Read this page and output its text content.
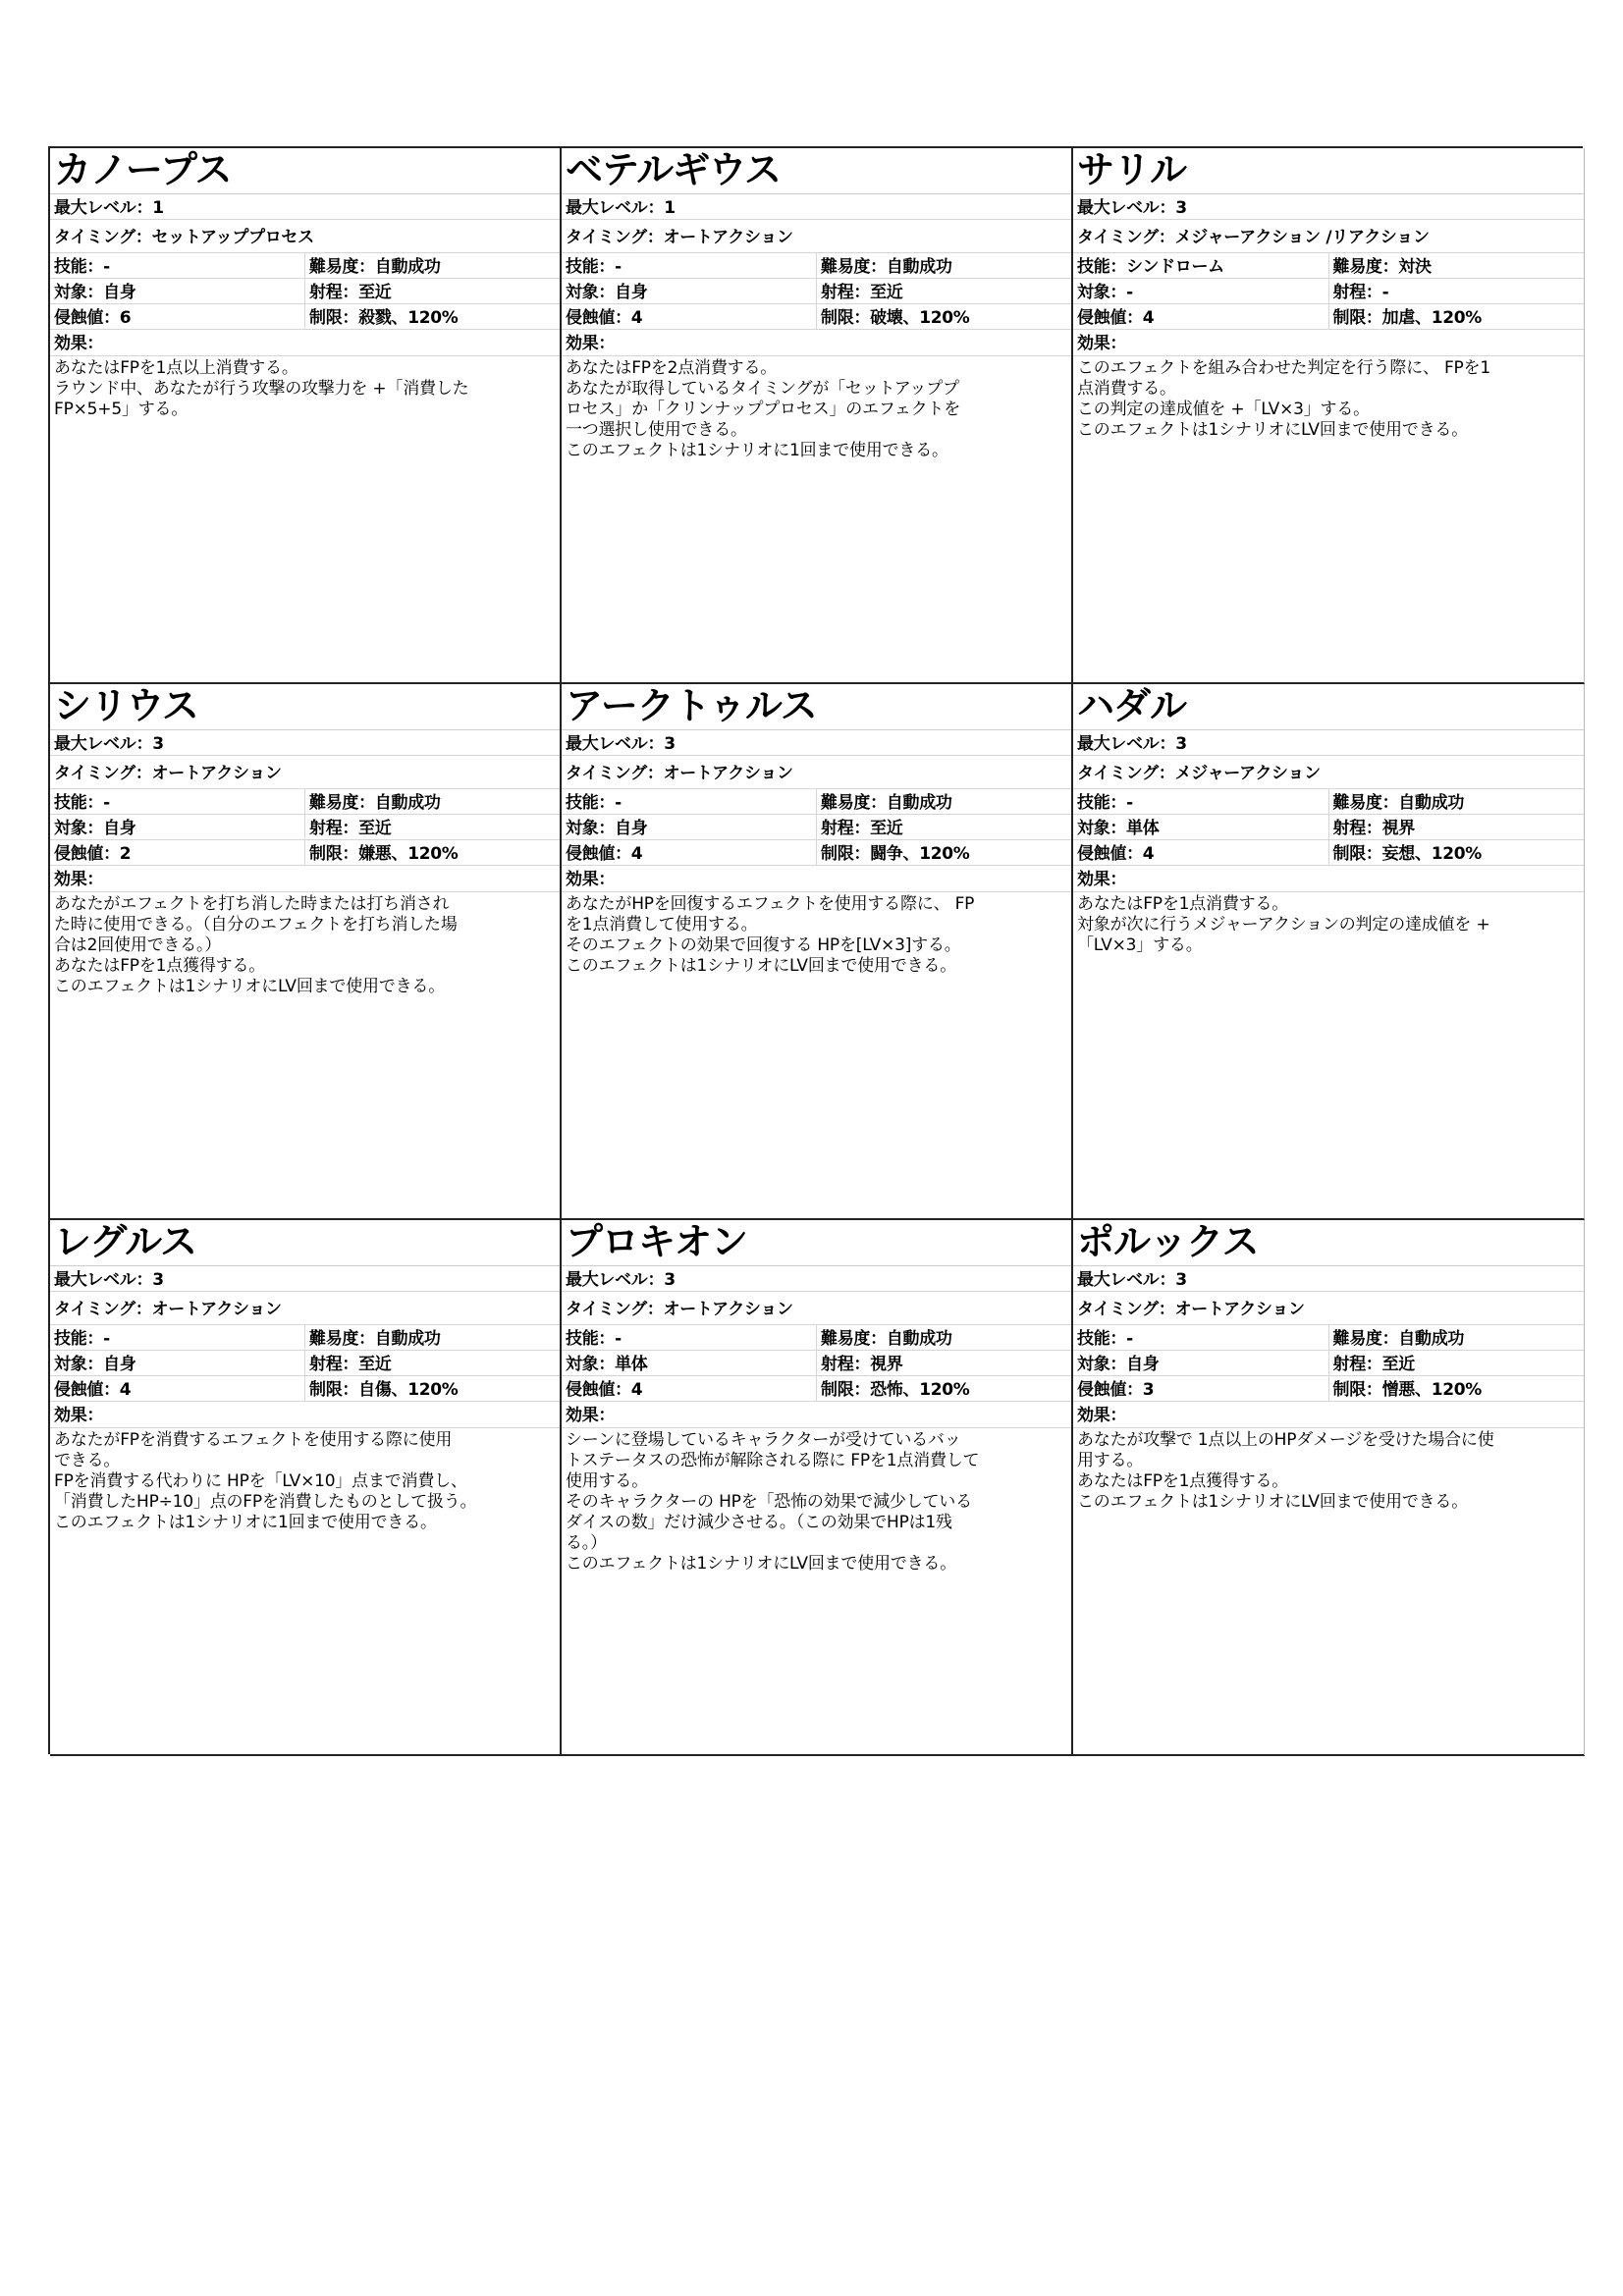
カノープス
最大レベル：1
タイミング：セットアッププロセス
技能：-	難易度：自動成功
対象：自身	射程：至近
侵蝕値：6	制限：殺戮、120%
効果：
あなたはFPを1点以上消費する。
ラウンド中、あなたが行う攻撃の攻撃力を +「消費した
FP×5+5」する。
ベテルギウス
最大レベル：1
タイミング：オートアクション
技能：-	難易度：自動成功
対象：自身	射程：至近
侵蝕値：4	制限：破壊、120%
効果：
あなたはFPを2点消費する。
あなたが取得しているタイミングが「セットアッププ
ロセス」か「クリンナッププロセス」のエフェクトを
一つ選択し使用できる。
このエフェクトは1シナリオに1回まで使用できる。
サリル
最大レベル：3
タイミング：メジャーアクション /リアクション
技能：シンドローム	難易度：対決
対象：-	射程：-
侵蝕値：4	制限：加虐、120%
効果：
このエフェクトを組み合わせた判定を行う際に、 FPを1
点消費する。
この判定の達成値を +「LV×3」する。
このエフェクトは1シナリオにLV回まで使用できる。
シリウス
最大レベル：3
タイミング：オートアクション
技能：-	難易度：自動成功
対象：自身	射程：至近
侵蝕値：2	制限：嫌悪、120%
効果：
あなたがエフェクトを打ち消した時または打ち消され
た時に使用できる。（自分のエフェクトを打ち消した場
合は2回使用できる。）
あなたはFPを1点獲得する。
このエフェクトは1シナリオにLV回まで使用できる。
アークトゥルス
最大レベル：3
タイミング：オートアクション
技能：-	難易度：自動成功
対象：自身	射程：至近
侵蝕値：4	制限：闘争、120%
効果：
あなたがHPを回復するエフェクトを使用する際に、 FP
を1点消費して使用する。
そのエフェクトの効果で回復する HPを[LV×3]する。
このエフェクトは1シナリオにLV回まで使用できる。
ハダル
最大レベル：3
タイミング：メジャーアクション
技能：-	難易度：自動成功
対象：単体	射程：視界
侵蝕値：4	制限：妄想、120%
効果：
あなたはFPを1点消費する。
対象が次に行うメジャーアクションの判定の達成値を +
「LV×3」する。
レグルス
最大レベル：3
タイミング：オートアクション
技能：-	難易度：自動成功
対象：自身	射程：至近
侵蝕値：4	制限：自傷、120%
効果：
あなたがFPを消費するエフェクトを使用する際に使用
できる。
FPを消費する代わりに HPを「LV×10」点まで消費し、
「消費したHP÷10」点のFPを消費したものとして扱う。
このエフェクトは1シナリオに1回まで使用できる。
プロキオン
最大レベル：3
タイミング：オートアクション
技能：-	難易度：自動成功
対象：単体	射程：視界
侵蝕値：4	制限：恐怖、120%
効果：
シーンに登場しているキャラクターが受けているバッ
トステータスの恐怖が解除される際に FPを1点消費して
使用する。
そのキャラクターの HPを「恐怖の効果で減少している
ダイスの数」だけ減少させる。（この効果でHPは1残
る。）
このエフェクトは1シナリオにLV回まで使用できる。
ポルックス
最大レベル：3
タイミング：オートアクション
技能：-	難易度：自動成功
対象：自身	射程：至近
侵蝕値：3	制限：憎悪、120%
効果：
あなたが攻撃で 1点以上のHPダメージを受けた場合に使
用する。
あなたはFPを1点獲得する。
このエフェクトは1シナリオにLV回まで使用できる。
